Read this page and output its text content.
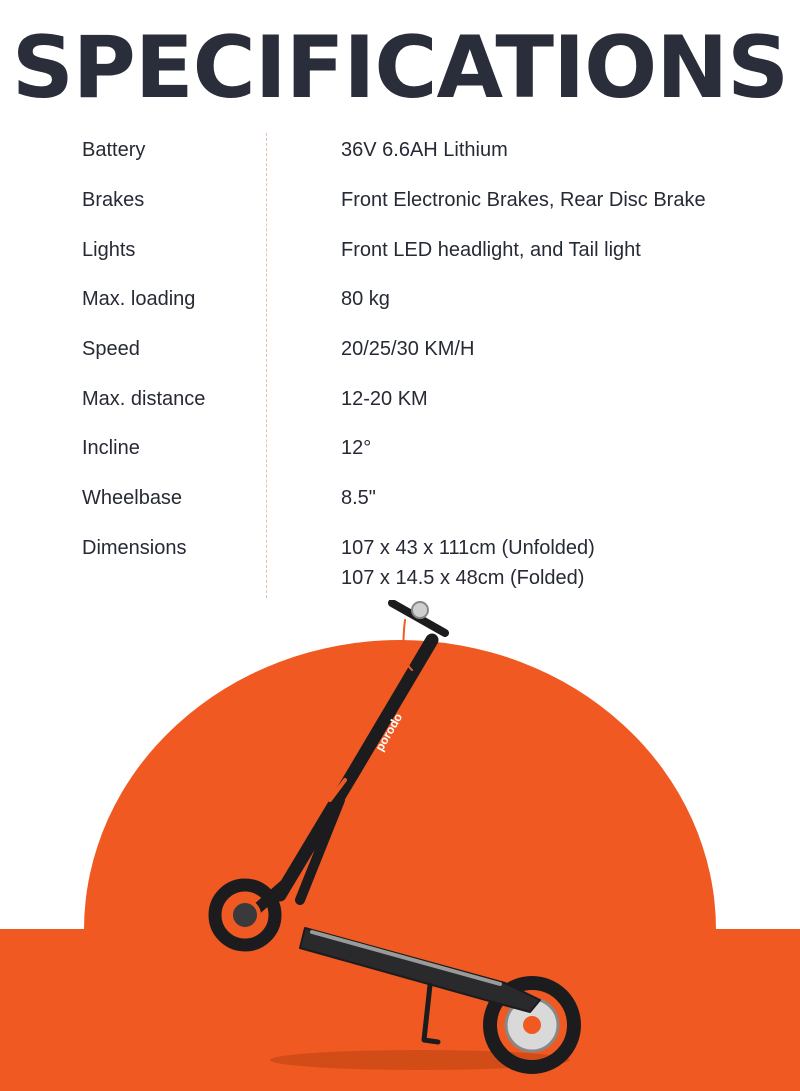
SPECIFICATIONS
Battery	36V 6.6AH Lithium
Brakes	Front Electronic Brakes, Rear Disc Brake
Lights	Front LED headlight, and Tail light
Max. loading	80 kg
Speed	20/25/30 KM/H
Max. distance	12-20 KM
Incline	12°
Wheelbase	8.5"
Dimensions	107 x 43 x 111cm (Unfolded)
107 x 14.5 x 48cm (Folded)
porodo
